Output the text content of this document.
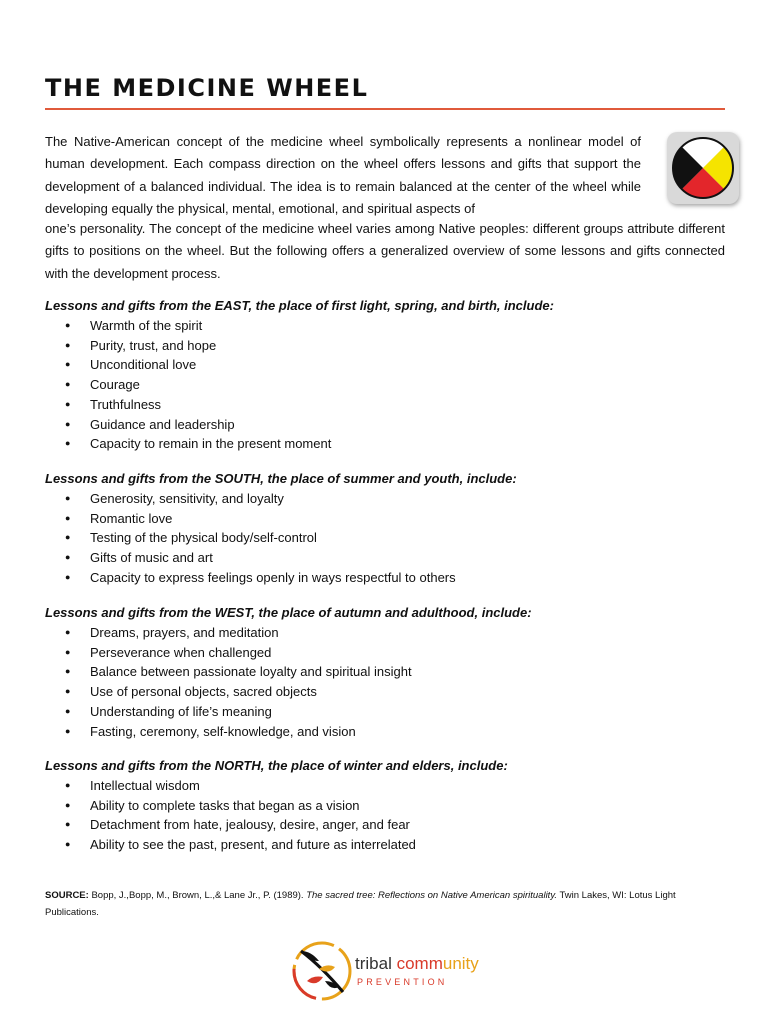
THE MEDICINE WHEEL
The Native-American concept of the medicine wheel symbolically represents a nonlinear model of human development. Each compass direction on the wheel offers lessons and gifts that support the development of a balanced individual. The idea is to remain balanced at the center of the wheel while developing equally the physical, mental, emotional, and spiritual aspects of
one’s personality. The concept of the medicine wheel varies among Native peoples: different groups attribute different gifts to positions on the wheel. But the following offers a generalized overview of some lessons and gifts connected with the development process.
Lessons and gifts from the EAST, the place of first light, spring, and birth, include:
● Warmth of the spirit
● Purity, trust, and hope
● Unconditional love
● Courage
● Truthfulness
● Guidance and leadership
● Capacity to remain in the present moment
Lessons and gifts from the SOUTH, the place of summer and youth, include:
● Generosity, sensitivity, and loyalty
● Romantic love
● Testing of the physical body/self-control
● Gifts of music and art
● Capacity to express feelings openly in ways respectful to others
Lessons and gifts from the WEST, the place of autumn and adulthood, include:
● Dreams, prayers, and meditation
● Perseverance when challenged
● Balance between passionate loyalty and spiritual insight
● Use of personal objects, sacred objects
● Understanding of life’s meaning
● Fasting, ceremony, self-knowledge, and vision
Lessons and gifts from the NORTH, the place of winter and elders, include:
● Intellectual wisdom
● Ability to complete tasks that began as a vision
● Detachment from hate, jealousy, desire, anger, and fear
● Ability to see the past, present, and future as interrelated
SOURCE: Bopp, J.,Bopp, M., Brown, L.,& Lane Jr., P. (1989). The sacred tree: Reflections on Native American spirituality. Twin Lakes, WI: Lotus Light Publications.
tribal community
PREVENTION
